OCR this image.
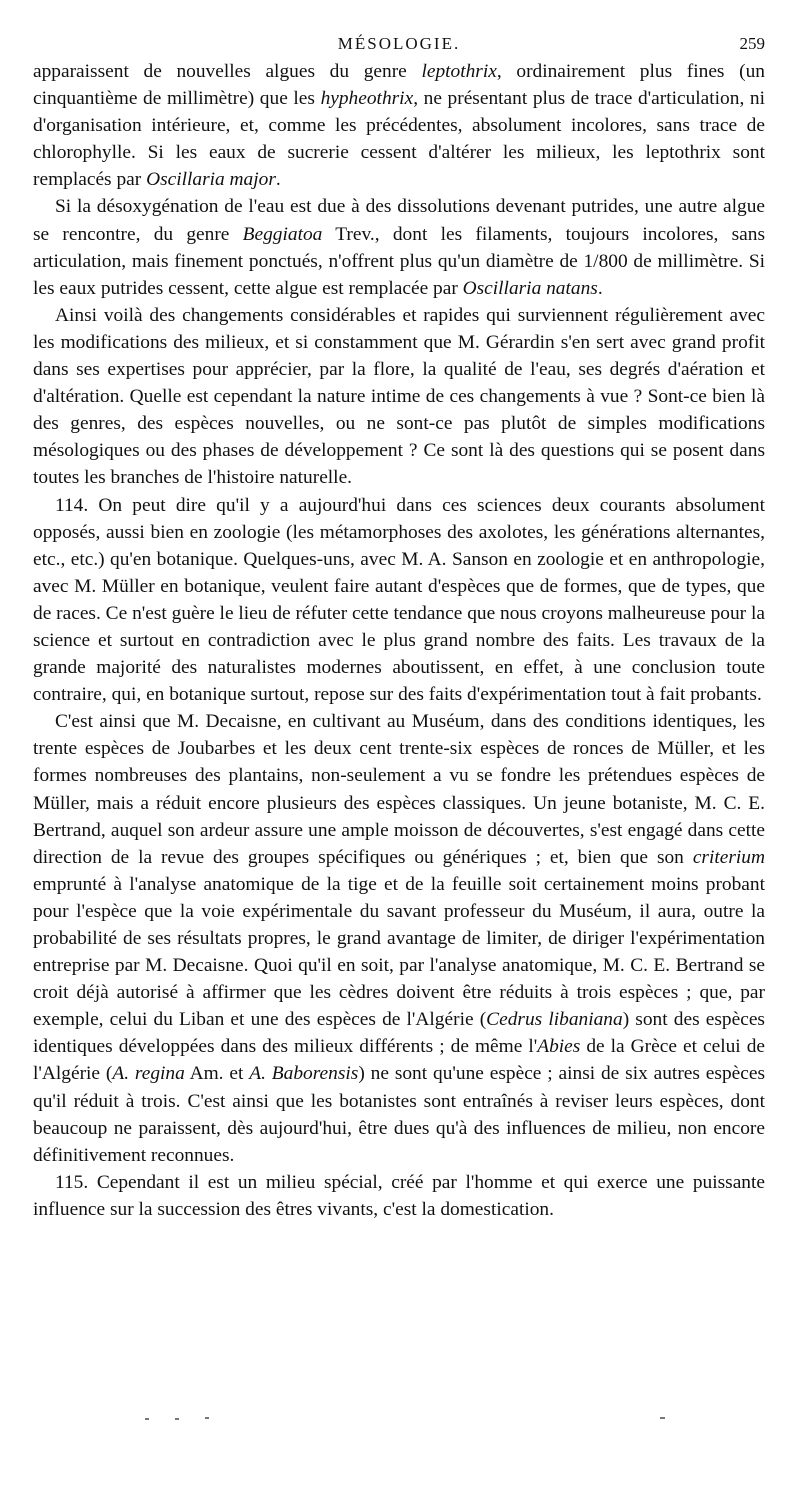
MÉSOLOGIE.	259

apparaissent de nouvelles algues du genre leptothrix, ordinairement plus fines (un cinquantième de millimètre) que les hypheothrix, ne présentant plus de trace d'articulation, ni d'organisation intérieure, et, comme les précédentes, absolument incolores, sans trace de chlorophylle. Si les eaux de sucrerie cessent d'altérer les milieux, les leptothrix sont remplacés par Oscillaria major.

Si la désoxygénation de l'eau est due à des dissolutions devenant putrides, une autre algue se rencontre, du genre Beggiatoa Trev., dont les filaments, toujours incolores, sans articulation, mais finement ponctués, n'offrent plus qu'un diamètre de 1/800 de millimètre. Si les eaux putrides cessent, cette algue est remplacée par Oscillaria natans.

Ainsi voilà des changements considérables et rapides qui surviennent régulièrement avec les modifications des milieux, et si constamment que M. Gérardin s'en sert avec grand profit dans ses expertises pour apprécier, par la flore, la qualité de l'eau, ses degrés d'aération et d'altération. Quelle est cependant la nature intime de ces changements à vue ? Sont-ce bien là des genres, des espèces nouvelles, ou ne sont-ce pas plutôt de simples modifications mésologiques ou des phases de développement ? Ce sont là des questions qui se posent dans toutes les branches de l'histoire naturelle.

114. On peut dire qu'il y a aujourd'hui dans ces sciences deux courants absolument opposés, aussi bien en zoologie (les métamorphoses des axolotes, les générations alternantes, etc., etc.) qu'en botanique. Quelques-uns, avec M. A. Sanson en zoologie et en anthropologie, avec M. Müller en botanique, veulent faire autant d'espèces que de formes, que de types, que de races. Ce n'est guère le lieu de réfuter cette tendance que nous croyons malheureuse pour la science et surtout en contradiction avec le plus grand nombre des faits. Les travaux de la grande majorité des naturalistes modernes aboutissent, en effet, à une conclusion toute contraire, qui, en botanique surtout, repose sur des faits d'expérimentation tout à fait probants.

C'est ainsi que M. Decaisne, en cultivant au Muséum, dans des conditions identiques, les trente espèces de Joubarbes et les deux cent trente-six espèces de ronces de Müller, et les formes nombreuses des plantains, non-seulement a vu se fondre les prétendues espèces de Müller, mais a réduit encore plusieurs des espèces classiques. Un jeune botaniste, M. C. E. Bertrand, auquel son ardeur assure une ample moisson de découvertes, s'est engagé dans cette direction de la revue des groupes spécifiques ou génériques ; et, bien que son criterium emprunté à l'analyse anatomique de la tige et de la feuille soit certainement moins probant pour l'espèce que la voie expérimentale du savant professeur du Muséum, il aura, outre la probabilité de ses résultats propres, le grand avantage de limiter, de diriger l'expérimentation entreprise par M. Decaisne. Quoi qu'il en soit, par l'analyse anatomique, M. C. E. Bertrand se croit déjà autorisé à affirmer que les cèdres doivent être réduits à trois espèces ; que, par exemple, celui du Liban et une des espèces de l'Algérie (Cedrus libaniana) sont des espèces identiques développées dans des milieux différents ; de même l'Abies de la Grèce et celui de l'Algérie (A. regina Am. et A. Baborensis) ne sont qu'une espèce ; ainsi de six autres espèces qu'il réduit à trois. C'est ainsi que les botanistes sont entraînés à reviser leurs espèces, dont beaucoup ne paraissent, dès aujourd'hui, être dues qu'à des influences de milieu, non encore définitivement reconnues.

115. Cependant il est un milieu spécial, créé par l'homme et qui exerce une puissante influence sur la succession des êtres vivants, c'est la domestication.
